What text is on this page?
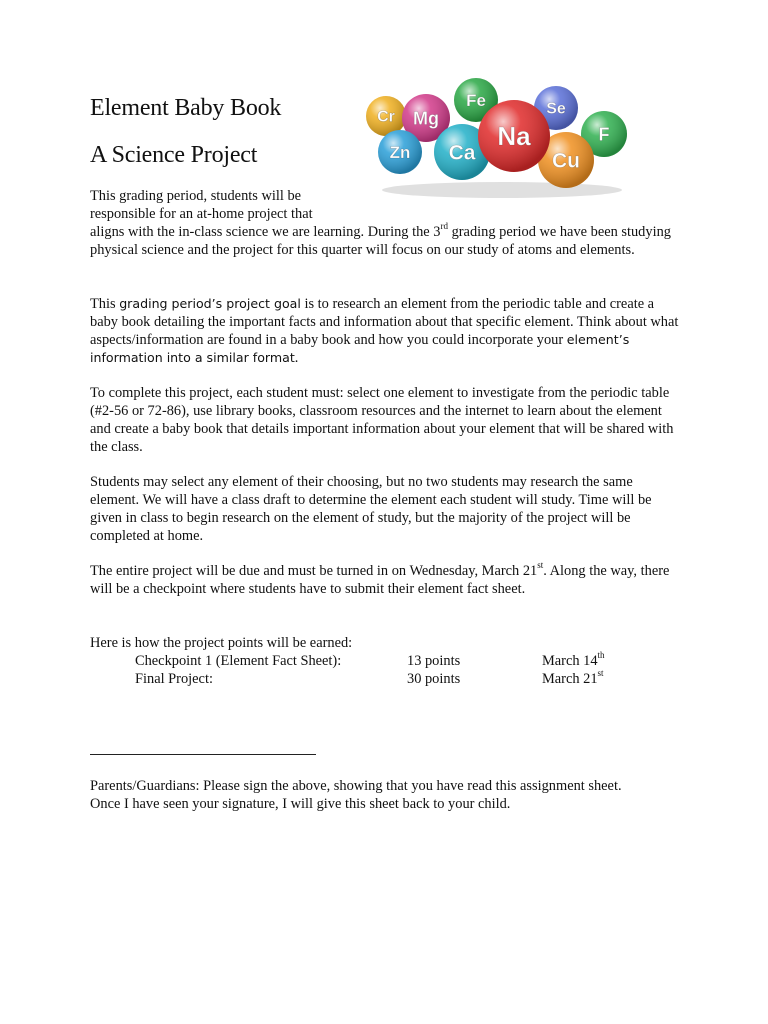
Element Baby Book
A Science Project
Cr	Se
Fe
Mg
Zn
F
Ca	Cu
Na

This grading period, students will be
responsible for an at-home project that

aligns with the in-class science we are learning. During the 3rd grading period we have been studying physical science and the project for this quarter will focus on our study of atoms and elements.

This grading period’s project goal is to research an element from the periodic table and create a baby book detailing the important facts and information about that specific element. Think about what aspects/information are found in a baby book and how you could incorporate your element’s information into a similar format.

To complete this project, each student must: select one element to investigate from the periodic table (#2-56 or 72-86), use library books, classroom resources and the internet to learn about the element and create a baby book that details important information about your element that will be shared with the class.

Students may select any element of their choosing, but no two students may research the same element. We will have a class draft to determine the element each student will study. Time will be given in class to begin research on the element of study, but the majority of the project will be completed at home.

The entire project will be due and must be turned in on Wednesday, March 21st. Along the way, there will be a checkpoint where students have to submit their element fact sheet.

Here is how the project points will be earned:

Checkpoint 1 (Element Fact Sheet):	13 points	March 14th
Final Project:	30 points	March 21st

Parents/Guardians: Please sign the above, showing that you have read this assignment sheet.
Once I have seen your signature, I will give this sheet back to your child.
